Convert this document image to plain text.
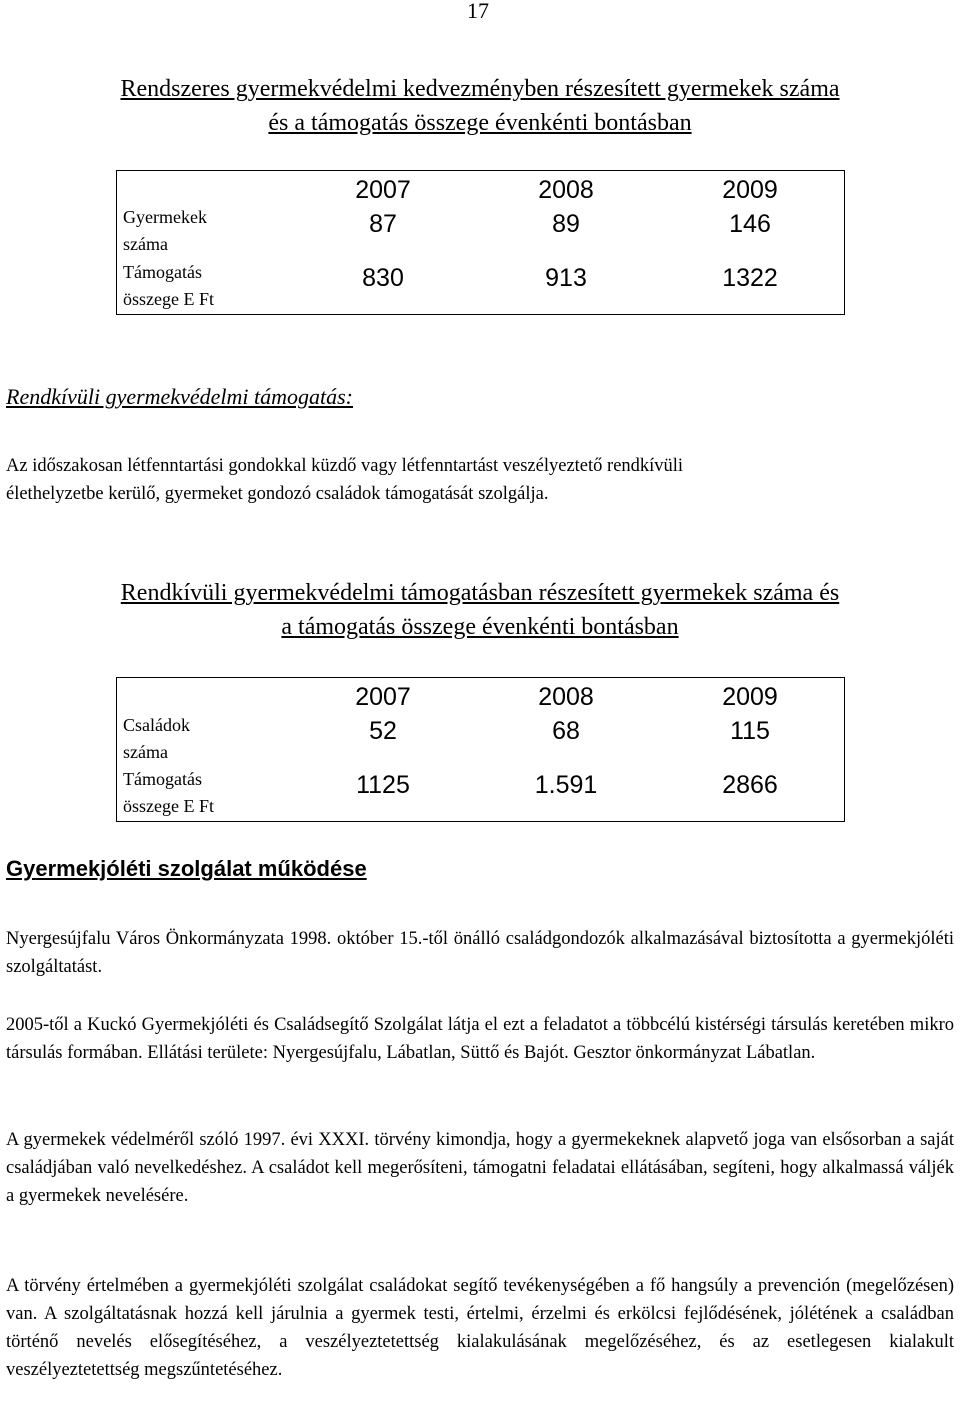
17
Rendszeres gyermekvédelmi kedvezményben részesített gyermekek száma
és a támogatás összege évenkénti bontásban
2007	2008	2009
Gyermekek
száma
87	89	146
Támogatás
összege E Ft
830	913	1322
Rendkívüli gyermekvédelmi támogatás:
Az időszakosan létfenntartási gondokkal küzdő vagy létfenntartást veszélyeztető rendkívüli
élethelyzetbe kerülő, gyermeket gondozó családok támogatását szolgálja.
Rendkívüli gyermekvédelmi támogatásban részesített gyermekek száma és
a támogatás összege évenkénti bontásban
2007	2008	2009
Családok
száma
52	68	115
Támogatás
összege E Ft
1125	1.591	2866
Gyermekjóléti szolgálat működése
Nyergesújfalu Város Önkormányzata 1998. október 15.-től önálló családgondozók alkalmazásával biztosította a gyermekjóléti szolgáltatást.
2005-től a Kuckó Gyermekjóléti és Családsegítő Szolgálat látja el ezt a feladatot a többcélú kistérségi társulás keretében mikro társulás formában. Ellátási területe: Nyergesújfalu, Lábatlan, Süttő és Bajót. Gesztor önkormányzat Lábatlan.
A gyermekek védelméről szóló 1997. évi XXXI. törvény kimondja, hogy a gyermekeknek alapvető joga van elsősorban a saját családjában való nevelkedéshez. A családot kell megerősíteni, támogatni feladatai ellátásában, segíteni, hogy alkalmassá váljék a gyermekek nevelésére.
A törvény értelmében a gyermekjóléti szolgálat családokat segítő tevékenységében a fő hangsúly a prevención (megelőzésen) van. A szolgáltatásnak hozzá kell járulnia a gyermek testi, értelmi, érzelmi és erkölcsi fejlődésének, jólétének a családban történő nevelés elősegítéséhez, a veszélyeztetettség kialakulásának megelőzéséhez, és az esetlegesen kialakult veszélyeztetettség megszűntetéséhez.
